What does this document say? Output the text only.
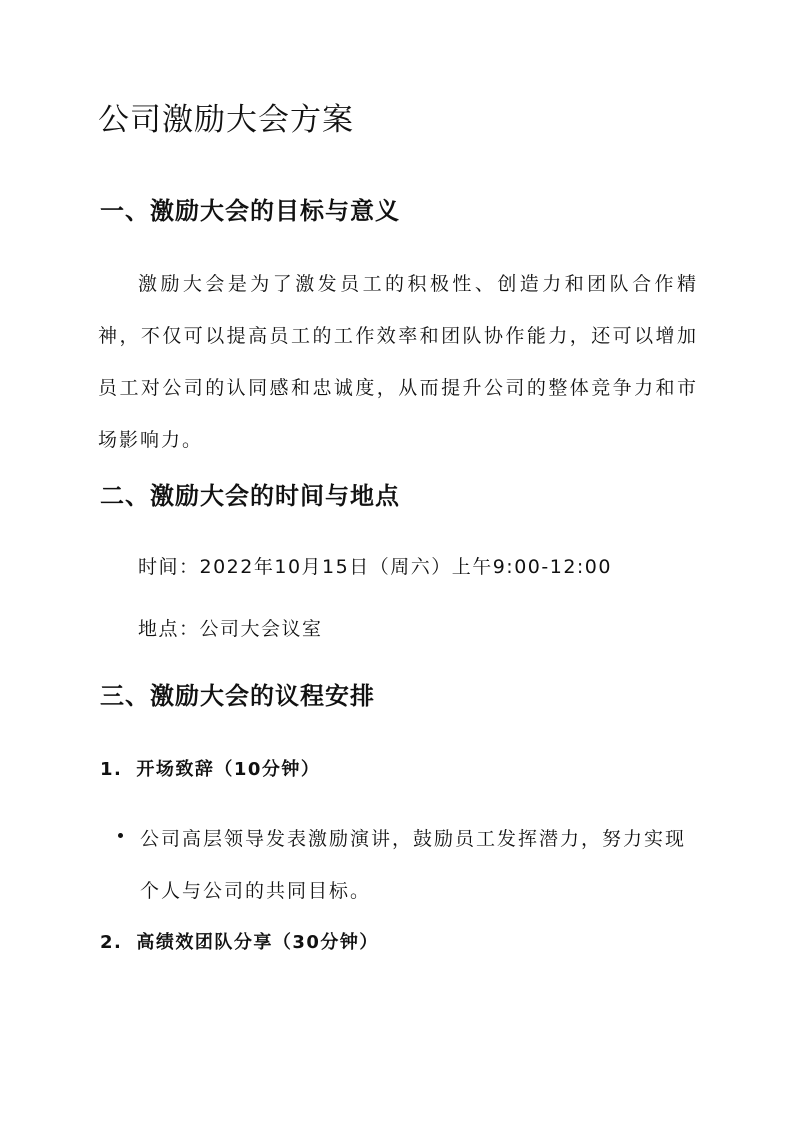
公司激励大会方案
一、激励大会的目标与意义

激励大会是为了激发员工的积极性、创造力和团队合作精神，不仅可以提高员工的工作效率和团队协作能力，还可以增加员工对公司的认同感和忠诚度，从而提升公司的整体竞争力和市场影响力。

二、激励大会的时间与地点

时间：2022年10月15日（周六）上午9:00-12:00

地点：公司大会议室

三、激励大会的议程安排
1. 开场致辞（10分钟）

公司高层领导发表激励演讲，鼓励员工发挥潜力，努力实现个人与公司的共同目标。

2. 高绩效团队分享（30分钟）
